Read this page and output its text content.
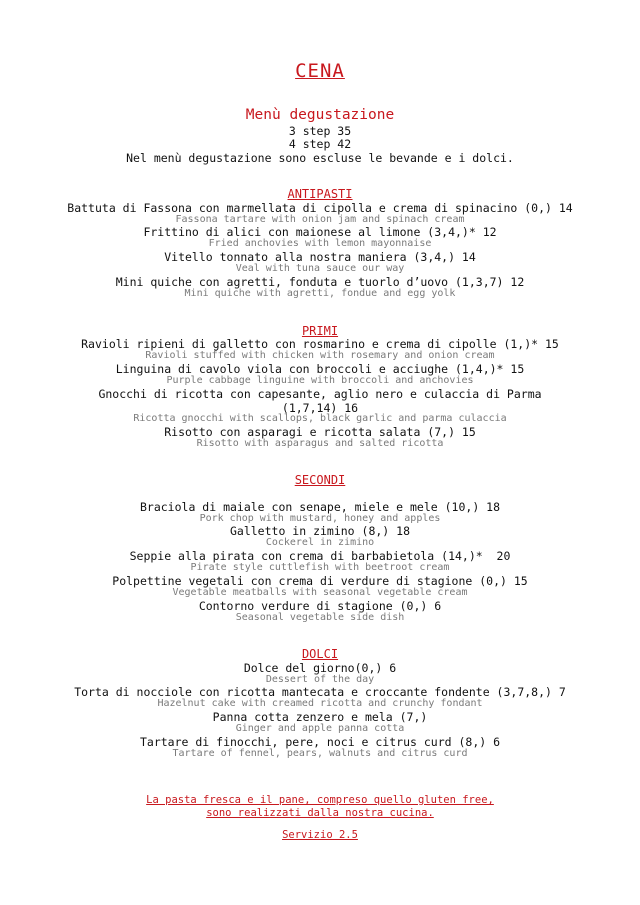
CENA
Menù degustazione
3 step 35
4 step 42
Nel menù degustazione sono escluse le bevande e i dolci.
ANTIPASTI
Battuta di Fassona con marmellata di cipolla e crema di spinacino (0,) 14
Fassona tartare with onion jam and spinach cream
Frittino di alici con maionese al limone (3,4,)* 12
Fried anchovies with lemon mayonnaise
Vitello tonnato alla nostra maniera (3,4,) 14
Veal with tuna sauce our way
Mini quiche con agretti, fonduta e tuorlo d’uovo (1,3,7) 12
Mini quiche with agretti, fondue and egg yolk
PRIMI
Ravioli ripieni di galletto con rosmarino e crema di cipolle (1,)* 15
Ravioli stuffed with chicken with rosemary and onion cream
Linguina di cavolo viola con broccoli e acciughe (1,4,)* 15
Purple cabbage linguine with broccoli and anchovies
Gnocchi di ricotta con capesante, aglio nero e culaccia di Parma
(1,7,14) 16
Ricotta gnocchi with scallops, black garlic and parma culaccia
Risotto con asparagi e ricotta salata (7,) 15
Risotto with asparagus and salted ricotta
SECONDI
Braciola di maiale con senape, miele e mele (10,) 18
Pork chop with mustard, honey and apples
Galletto in zimino (8,) 18
Cockerel in zimino
Seppie alla pirata con crema di barbabietola (14,)*  20
Pirate style cuttlefish with beetroot cream
Polpettine vegetali con crema di verdure di stagione (0,) 15
Vegetable meatballs with seasonal vegetable cream
Contorno verdure di stagione (0,) 6
Seasonal vegetable side dish
DOLCI
Dolce del giorno(0,) 6
Dessert of the day
Torta di nocciole con ricotta mantecata e croccante fondente (3,7,8,) 7
Hazelnut cake with creamed ricotta and crunchy fondant
Panna cotta zenzero e mela (7,)
Ginger and apple panna cotta
Tartare di finocchi, pere, noci e citrus curd (8,) 6
Tartare of fennel, pears, walnuts and citrus curd
La pasta fresca e il pane, compreso quello gluten free,
sono realizzati dalla nostra cucina.
Servizio 2.5
